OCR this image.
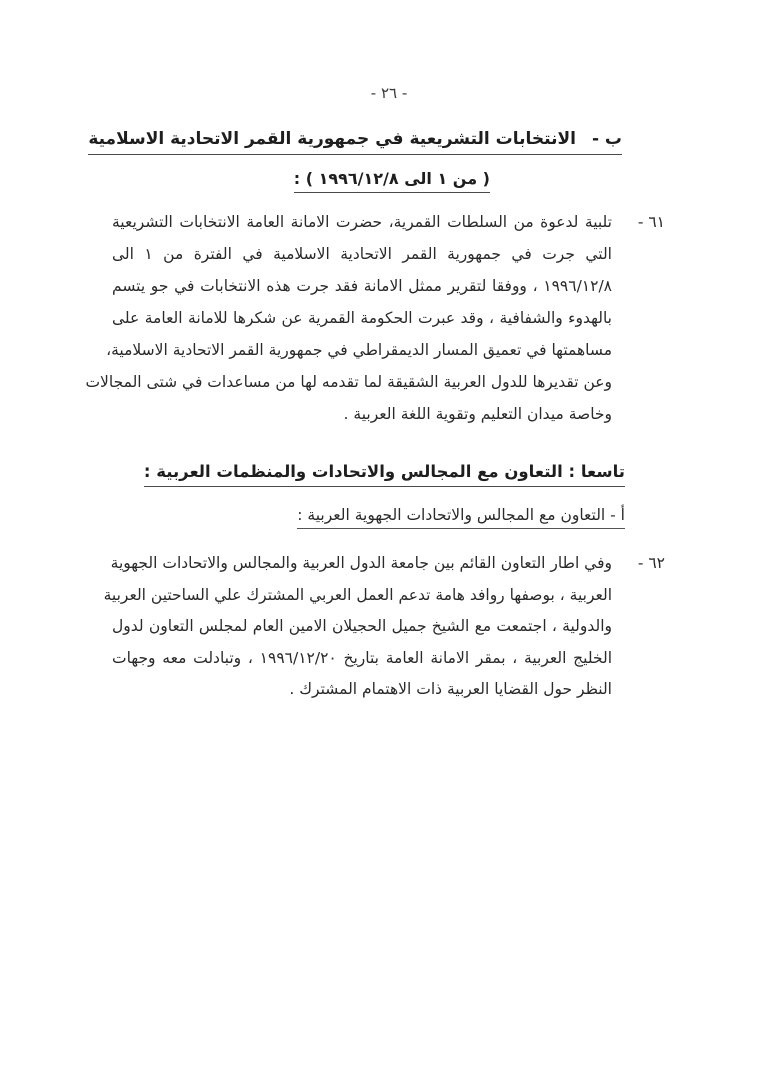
- ٢٦ -
ب -
الانتخابات التشريعية في جمهورية القمر الاتحادية الاسلامية
( من ١ الى ١٩٩٦/١٢/٨ ) :
٦١ -
تلبية لدعوة من السلطات القمرية، حضرت الامانة العامة الانتخابات التشريعية
التي جرت في جمهورية القمر الاتحادية الاسلامية في الفترة من ١ الى
١٩٩٦/١٢/٨ ، ووفقا لتقرير ممثل الامانة فقد جرت هذه الانتخابات في جو يتسم
بالهدوء والشفافية ، وقد عبرت الحكومة القمرية عن شكرها للامانة العامة على
مساهمتها في تعميق المسار الديمقراطي في جمهورية القمر الاتحادية الاسلامية،
وعن تقديرها للدول العربية الشقيقة لما تقدمه لها من مساعدات في شتى المجالات
وخاصة ميدان التعليم وتقوية اللغة العربية .
تاسعا : التعاون مع المجالس والاتحادات والمنظمات العربية :
أ - التعاون مع المجالس والاتحادات الجهوية العربية :
٦٢ -
وفي اطار التعاون القائم بين جامعة الدول العربية والمجالس والاتحادات الجهوية
العربية ، بوصفها روافد هامة تدعم العمل العربي المشترك علي الساحتين العربية
والدولية ، اجتمعت مع الشيخ جميل الحجيلان الامين العام لمجلس التعاون لدول
الخليج العربية ، بمقر الامانة العامة بتاريخ ١٩٩٦/١٢/٢٠ ، وتبادلت معه وجهات
النظر حول القضايا العربية ذات الاهتمام المشترك .
